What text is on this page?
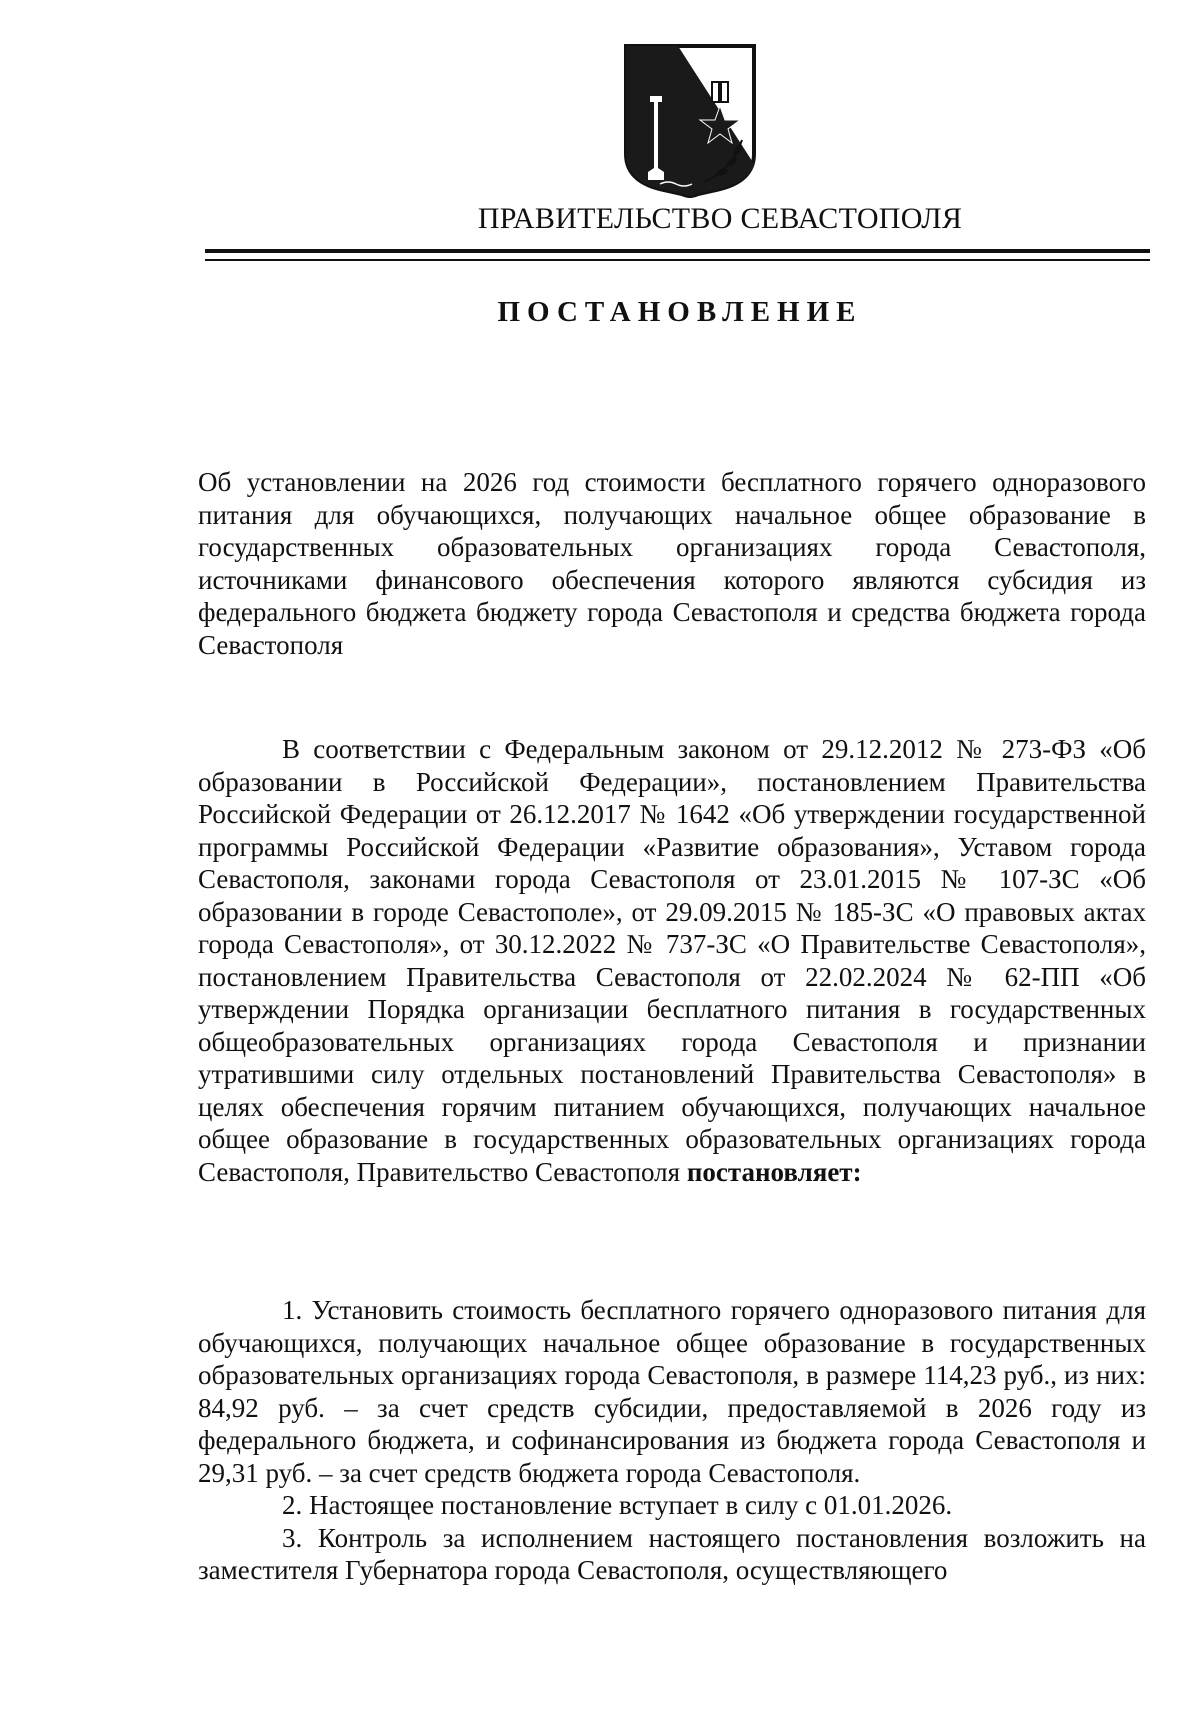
ПРАВИТЕЛЬСТВО СЕВАСТОПОЛЯ
ПОСТАНОВЛЕНИЕ
Об установлении на 2026 год стоимости бесплатного горячего одноразового питания для обучающихся, получающих начальное общее образование в государственных образовательных организациях города Севастополя, источниками финансового обеспечения которого являются субсидия из федерального бюджета бюджету города Севастополя и средства бюджета города Севастополя
В соответствии с Федеральным законом от 29.12.2012 № 273-ФЗ «Об образовании в Российской Федерации», постановлением Правительства Российской Федерации от 26.12.2017 № 1642 «Об утверждении государственной программы Российской Федерации «Развитие образования», Уставом города Севастополя, законами города Севастополя от 23.01.2015 № 107-ЗС «Об образовании в городе Севастополе», от 29.09.2015 № 185-ЗС «О правовых актах города Севастополя», от 30.12.2022 № 737-ЗС «О Правительстве Севастополя», постановлением Правительства Севастополя от 22.02.2024 № 62-ПП «Об утверждении Порядка организации бесплатного питания в государственных общеобразовательных организациях города Севастополя и признании утратившими силу отдельных постановлений Правительства Севастополя» в целях обеспечения горячим питанием обучающихся, получающих начальное общее образование в государственных образовательных организациях города Севастополя, Правительство Севастополя постановляет:
1. Установить стоимость бесплатного горячего одноразового питания для обучающихся, получающих начальное общее образование в государственных образовательных организациях города Севастополя, в размере 114,23 руб., из них: 84,92 руб. – за счет средств субсидии, предоставляемой в 2026 году из федерального бюджета, и софинансирования из бюджета города Севастополя и 29,31 руб. – за счет средств бюджета города Севастополя.
2. Настоящее постановление вступает в силу с 01.01.2026.
3. Контроль за исполнением настоящего постановления возложить на заместителя Губернатора города Севастополя, осуществляющего
